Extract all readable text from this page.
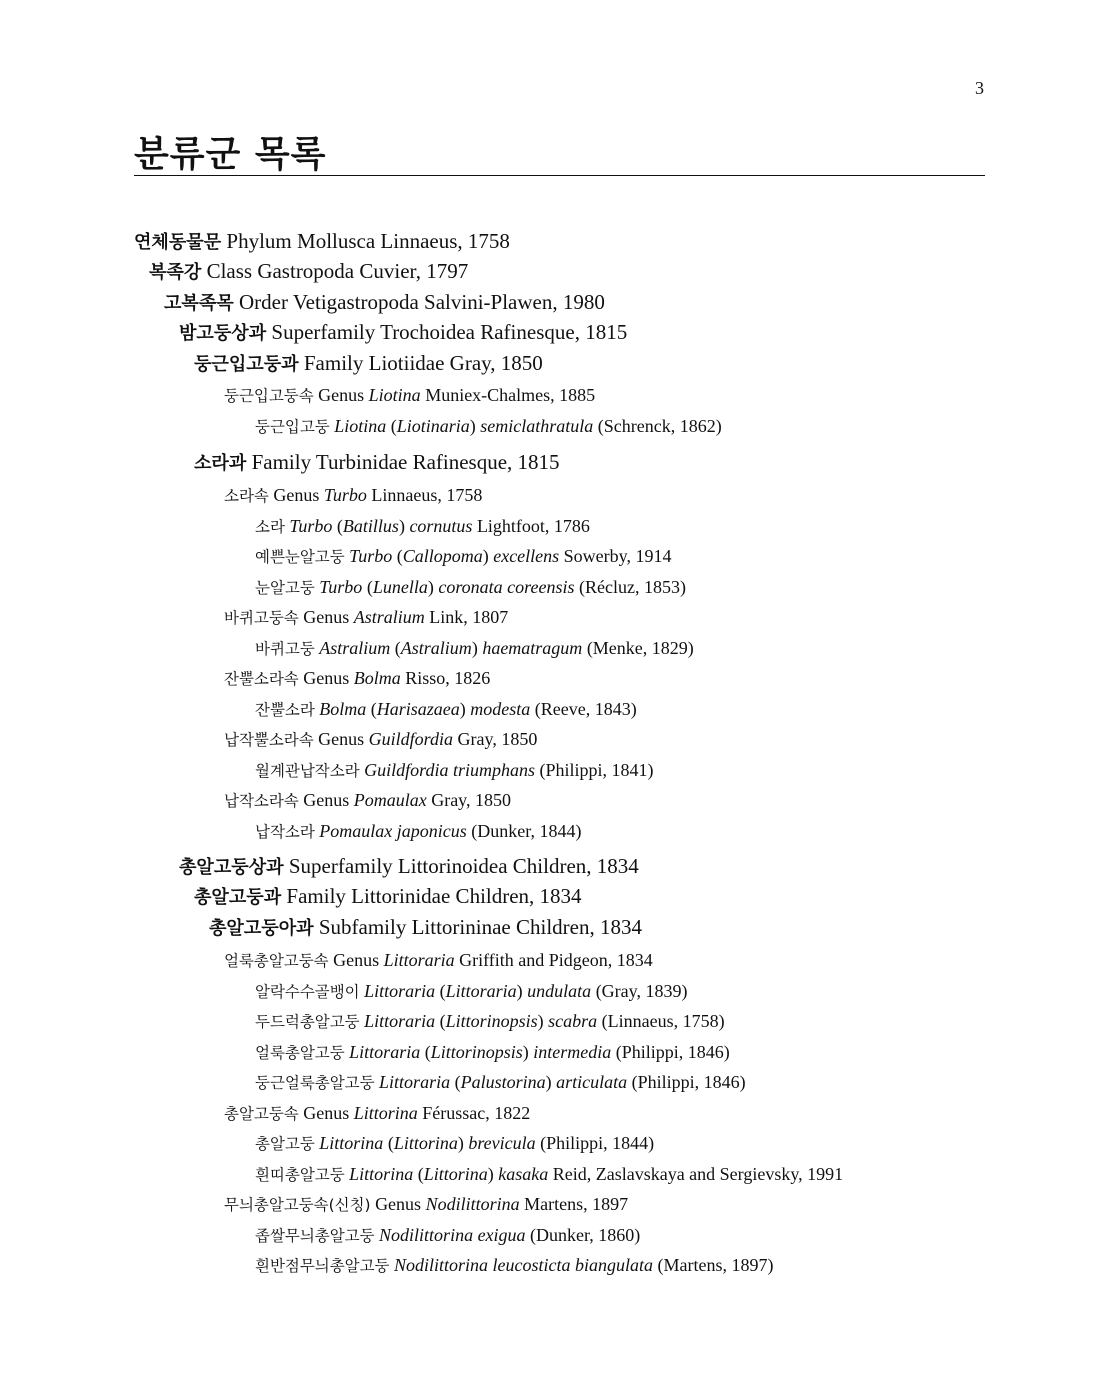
3
분류군 목록
연체동물문 Phylum Mollusca Linnaeus, 1758
복족강 Class Gastropoda Cuvier, 1797
고복족목 Order Vetigastropoda Salvini-Plawen, 1980
밤고둥상과 Superfamily Trochoidea Rafinesque, 1815
둥근입고둥과 Family Liotiidae Gray, 1850
둥근입고둥속 Genus Liotina Muniex-Chalmes, 1885
둥근입고둥 Liotina (Liotinaria) semiclathratula (Schrenck, 1862)
소라과 Family Turbinidae Rafinesque, 1815
소라속 Genus Turbo Linnaeus, 1758
소라 Turbo (Batillus) cornutus Lightfoot, 1786
예쁜눈알고둥 Turbo (Callopoma) excellens Sowerby, 1914
눈알고둥 Turbo (Lunella) coronata coreensis (Récluz, 1853)
바퀴고둥속 Genus Astralium Link, 1807
바퀴고둥 Astralium (Astralium) haematragum (Menke, 1829)
잔뿔소라속 Genus Bolma Risso, 1826
잔뿔소라 Bolma (Harisazaea) modesta (Reeve, 1843)
납작뿔소라속 Genus Guildfordia Gray, 1850
월계관납작소라 Guildfordia triumphans (Philippi, 1841)
납작소라속 Genus Pomaulax Gray, 1850
납작소라 Pomaulax japonicus (Dunker, 1844)
총알고둥상과 Superfamily Littorinoidea Children, 1834
총알고둥과 Family Littorinidae Children, 1834
총알고둥아과 Subfamily Littorininae Children, 1834
얼룩총알고둥속 Genus Littoraria Griffith and Pidgeon, 1834
알락수수골뱅이 Littoraria (Littoraria) undulata (Gray, 1839)
두드럭총알고둥 Littoraria (Littorinopsis) scabra (Linnaeus, 1758)
얼룩총알고둥 Littoraria (Littorinopsis) intermedia (Philippi, 1846)
둥근얼룩총알고둥 Littoraria (Palustorina) articulata (Philippi, 1846)
총알고둥속 Genus Littorina Férussac, 1822
총알고둥 Littorina (Littorina) brevicula (Philippi, 1844)
흰띠총알고둥 Littorina (Littorina) kasaka Reid, Zaslavskaya and Sergievsky, 1991
무늬총알고둥속(신칭) Genus Nodilittorina Martens, 1897
좁쌀무늬총알고둥 Nodilittorina exigua (Dunker, 1860)
흰반점무늬총알고둥 Nodilittorina leucosticta biangulata (Martens, 1897)
